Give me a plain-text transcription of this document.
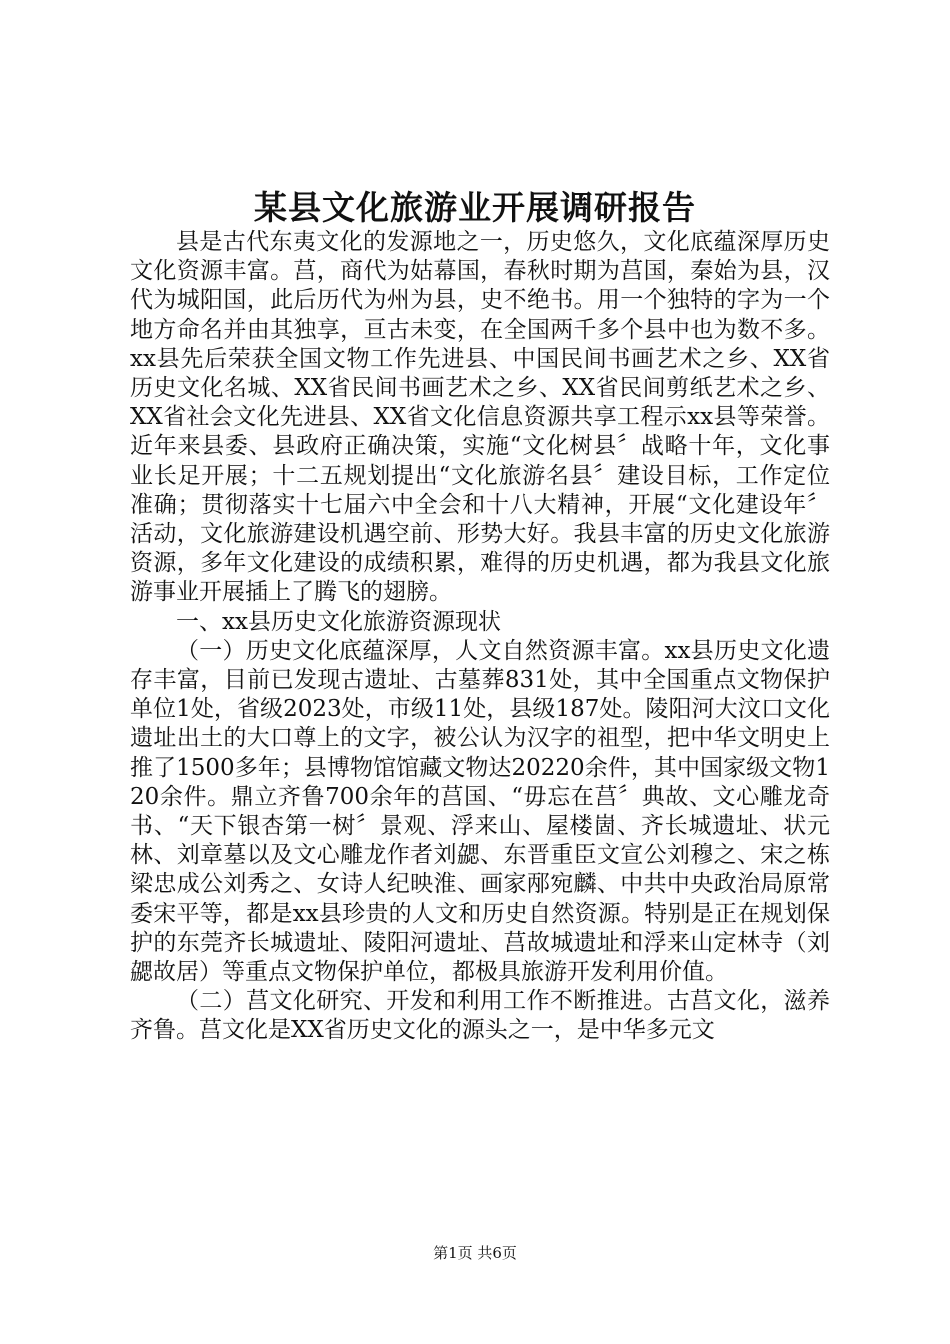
某县文化旅游业开展调研报告

县是古代东夷文化的发源地之一，历史悠久，文化底蕴深厚历史文化资源丰富。莒，商代为姑幕国，春秋时期为莒国，秦始为县，汉代为城阳国，此后历代为州为县，史不绝书。用一个独特的字为一个地方命名并由其独享，亘古未变，在全国两千多个县中也为数不多。xx县先后荣获全国文物工作先进县、中国民间书画艺术之乡、XX省历史文化名城、XX省民间书画艺术之乡、XX省民间剪纸艺术之乡、XX省社会文化先进县、XX省文化信息资源共享工程示xx县等荣誉。近年来县委、县政府正确决策，实施“文化树县〞战略十年，文化事业长足开展；十二五规划提出“文化旅游名县〞建设目标，工作定位准确；贯彻落实十七届六中全会和十八大精神，开展“文化建设年〞活动，文化旅游建设机遇空前、形势大好。我县丰富的历史文化旅游资源，多年文化建设的成绩积累，难得的历史机遇，都为我县文化旅游事业开展插上了腾飞的翅膀。

一、xx县历史文化旅游资源现状

（一）历史文化底蕴深厚，人文自然资源丰富。xx县历史文化遗存丰富，目前已发现古遗址、古墓葬831处，其中全国重点文物保护单位1处，省级2023处，市级11处，县级187处。陵阳河大汶口文化遗址出土的大口尊上的文字，被公认为汉字的祖型，把中华文明史上推了1500多年；县博物馆馆藏文物达20220余件，其中国家级文物120余件。鼎立齐鲁700余年的莒国、“毋忘在莒〞典故、文心雕龙奇书、“天下银杏第一树〞景观、浮来山、屋楼崮、齐长城遗址、状元林、刘章墓以及文心雕龙作者刘勰、东晋重臣文宣公刘穆之、宋之栋梁忠成公刘秀之、女诗人纪映淮、画家邴宛麟、中共中央政治局原常委宋平等，都是xx县珍贵的人文和历史自然资源。特别是正在规划保护的东莞齐长城遗址、陵阳河遗址、莒故城遗址和浮来山定林寺（刘勰故居）等重点文物保护单位，都极具旅游开发利用价值。

（二）莒文化研究、开发和利用工作不断推进。古莒文化，滋养齐鲁。莒文化是XX省历史文化的源头之一，是中华多元文

第1页 共6页
